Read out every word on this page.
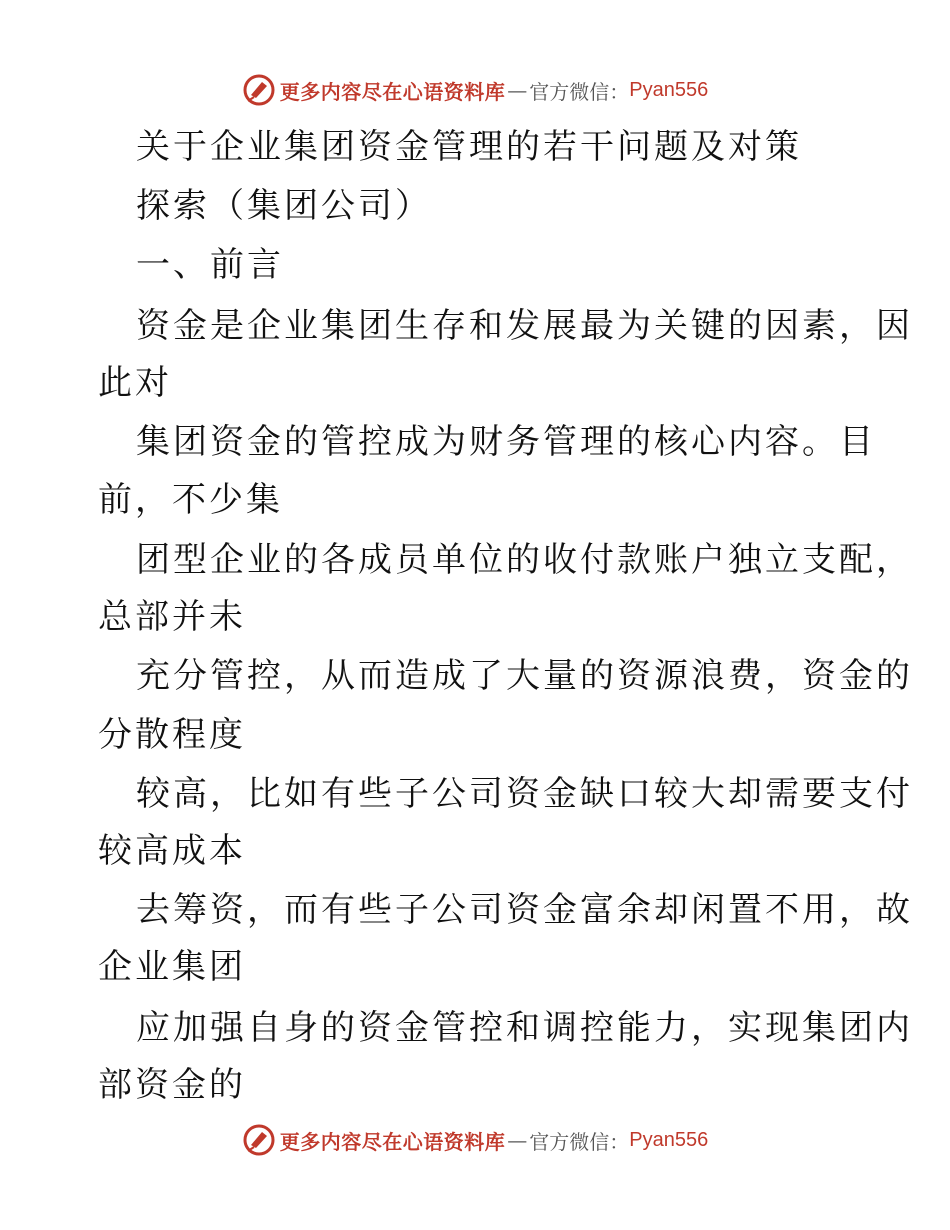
更多内容尽在心语资料库 — 官方微信： Pyan556
关于企业集团资金管理的若干问题及对策
探索（集团公司）
一、前言
资金是企业集团生存和发展最为关键的因素，因
此对
集团资金的管控成为财务管理的核心内容。目
前，不少集
团型企业的各成员单位的收付款账户独立支配，
总部并未
充分管控，从而造成了大量的资源浪费，资金的
分散程度
较高，比如有些子公司资金缺口较大却需要支付
较高成本
去筹资，而有些子公司资金富余却闲置不用，故
企业集团
应加强自身的资金管控和调控能力，实现集团内
部资金的
更多内容尽在心语资料库 — 官方微信： Pyan556
